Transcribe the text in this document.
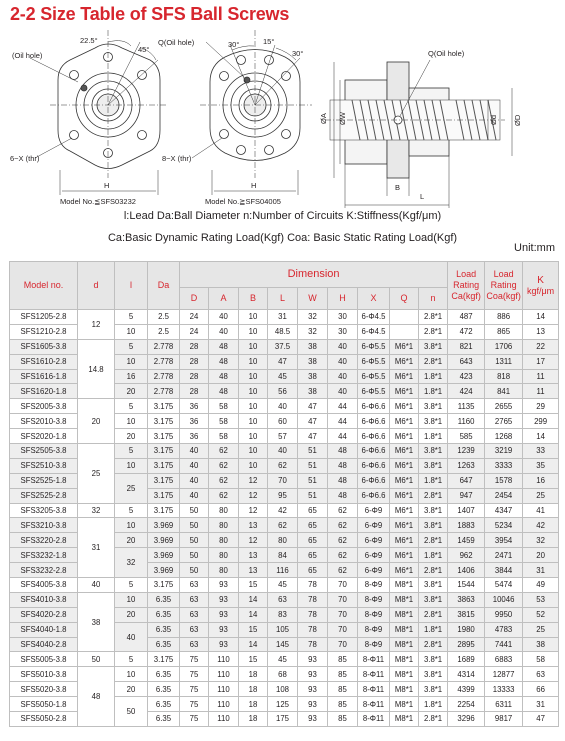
2-2 Size Table of SFS Ball Screws
(Oil hole)
22.5°
45°
6−X (thr)
H
Model No.≦SFS03232
Q(Oil hole)	30°	15°
30°
8−X (thr)
H
Model No.≧SFS04005
Q(Oil hole)
ØA ØW	Ød ØD
B
L
l:Lead Da:Ball Diameter n:Number of Circuits K:Stiffness(Kgf/μm)
Ca:Basic Dynamic Rating Load(Kgf) Coa: Basic Static Rating Load(Kgf)
Unit:mm
Model no.	d	l	Da	Dimension									Load
Rating
Ca(kgf)	Load
Rating
Coa(kgf)	K
kgf/μm
				D	A	B	L	W	H	X	Q	n			
SFS1205-2.8	12	5	2.5	24	40	10	31	32	30	6-Φ4.5		2.8*1	487	886	14
SFS1210-2.8		10	2.5	24	40	10	48.5	32	30	6-Φ4.5		2.8*1	472	865	13
SFS1605-3.8	14.8	5	2.778	28	48	10	37.5	38	40	6-Φ5.5	M6*1	3.8*1	821	1706	22
SFS1610-2.8		10	2.778	28	48	10	47	38	40	6-Φ5.5	M6*1	2.8*1	643	1311	17
SFS1616-1.8		16	2.778	28	48	10	45	38	40	6-Φ5.5	M6*1	1.8*1	423	818	11
SFS1620-1.8		20	2.778	28	48	10	56	38	40	6-Φ5.5	M6*1	1.8*1	424	841	11
SFS2005-3.8	20	5	3.175	36	58	10	40	47	44	6-Φ6.6	M6*1	3.8*1	1135	2655	29
SFS2010-3.8		10	3.175	36	58	10	60	47	44	6-Φ6.6	M6*1	3.8*1	1160	2765	299
SFS2020-1.8		20	3.175	36	58	10	57	47	44	6-Φ6.6	M6*1	1.8*1	585	1268	14
SFS2505-3.8	25	5	3.175	40	62	10	40	51	48	6-Φ6.6	M6*1	3.8*1	1239	3219	33
SFS2510-3.8		10	3.175	40	62	10	62	51	48	6-Φ6.6	M6*1	3.8*1	1263	3333	35
SFS2525-1.8		25	3.175	40	62	12	70	51	48	6-Φ6.6	M6*1	1.8*1	647	1578	16
SFS2525-2.8			3.175	40	62	12	95	51	48	6-Φ6.6	M6*1	2.8*1	947	2454	25
SFS3205-3.8	32	5	3.175	50	80	12	42	65	62	6-Φ9	M6*1	3.8*1	1407	4347	41
SFS3210-3.8	31	10	3.969	50	80	13	62	65	62	6-Φ9	M6*1	3.8*1	1883	5234	42
SFS3220-2.8		20	3.969	50	80	12	80	65	62	6-Φ9	M6*1	2.8*1	1459	3954	32
SFS3232-1.8		32	3.969	50	80	13	84	65	62	6-Φ9	M6*1	1.8*1	962	2471	20
SFS3232-2.8			3.969	50	80	13	116	65	62	6-Φ9	M6*1	2.8*1	1406	3844	31
SFS4005-3.8	40	5	3.175	63	93	15	45	78	70	8-Φ9	M8*1	3.8*1	1544	5474	49
SFS4010-3.8	38	10	6.35	63	93	14	63	78	70	8-Φ9	M8*1	3.8*1	3863	10046	53
SFS4020-2.8		20	6.35	63	93	14	83	78	70	8-Φ9	M8*1	2.8*1	3815	9950	52
SFS4040-1.8		40	6.35	63	93	15	105	78	70	8-Φ9	M8*1	1.8*1	1980	4783	25
SFS4040-2.8			6.35	63	93	14	145	78	70	8-Φ9	M8*1	2.8*1	2895	7441	38
SFS5005-3.8	50	5	3.175	75	110	15	45	93	85	8-Φ11	M8*1	3.8*1	1689	6883	58
SFS5010-3.8	48	10	6.35	75	110	18	68	93	85	8-Φ11	M8*1	3.8*1	4314	12877	63
SFS5020-3.8		20	6.35	75	110	18	108	93	85	8-Φ11	M8*1	3.8*1	4399	13333	66
SFS5050-1.8		50	6.35	75	110	18	125	93	85	8-Φ11	M8*1	1.8*1	2254	6311	31
SFS5050-2.8			6.35	75	110	18	175	93	85	8-Φ11	M8*1	2.8*1	3296	9817	47
